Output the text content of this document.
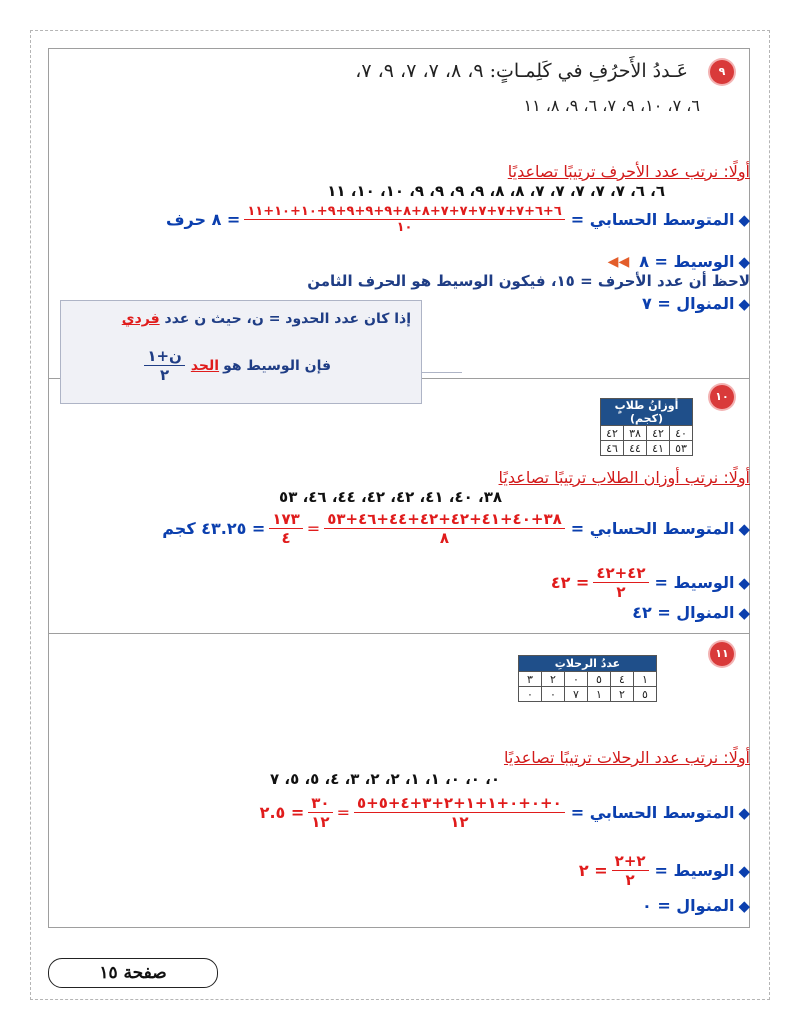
٩
عَـددُ الأَحرُفِ في كَلِمـاتٍ: ٩، ٨، ٧، ٧، ٩، ٧،
٦، ٧، ١٠، ٩، ٧، ٦، ٩، ٨، ١١
أولًا: نرتب عدد الأحرف ترتيبًا تصاعديًا
٦، ٦، ٧، ٧، ٧، ٧، ٧، ٨، ٨، ٩، ٩، ٩، ٩، ١٠، ١٠، ١١
◆
المتوسط الحسابي =
$\frac{٦+٦+٧+٧+٧+٧+٧+٨+٨+٩+٩+٩+٩+١٠+١٠+١١}{١٠}$
= ٨ حرف
◆
الوسيط = ٨
◀◀
لاحظ أن عدد الأحرف = ١٥، فيكون الوسيط هو الحرف الثامن
◆
المنوال = ٧
إذا كان عدد الحدود = ن، حيث ن عدد فردي
فإن الوسيط هو
الحد
$\frac{\text{ن+١}}{٢}$
١٠
أوزانُ طلابٍ (كجم)			
٤٠	٤٢	٣٨	٤٢
٥٣	٤١	٤٤	٤٦
أولًا: نرتب أوزان الطلاب ترتيبًا تصاعديًا
٣٨، ٤٠، ٤١، ٤٢، ٤٢، ٤٤، ٤٦، ٥٣
◆
المتوسط الحسابي =
$\frac{٣٨+٤٠+٤١+٤٢+٤٢+٤٤+٤٦+٥٣}{٨}$
=
$\frac{١٧٣}{٤}$
= ٤٣.٢٥ كجم
◆
الوسيط =
$\frac{٤٢+٤٢}{٢}$
= ٤٢
◆
المنوال = ٤٢
١١
عددُ الرحلاتِ					
١	٤	٥	٠	٢	٣
٥	٢	١	٧	٠	٠
أولًا: نرتب عدد الرحلات ترتيبًا تصاعديًا
٠، ٠، ٠، ١، ١، ٢، ٢، ٣، ٤، ٥، ٥، ٧
◆
المتوسط الحسابي =
$\frac{٠+٠+٠+١+١+٢+٣+٤+٥+٥}{١٢}$
=
$\frac{٣٠}{١٢}$
= ٢.٥
◆
الوسيط =
$\frac{٢+٢}{٢}$
= ٢
◆
المنوال = ٠
صفحة ١٥
